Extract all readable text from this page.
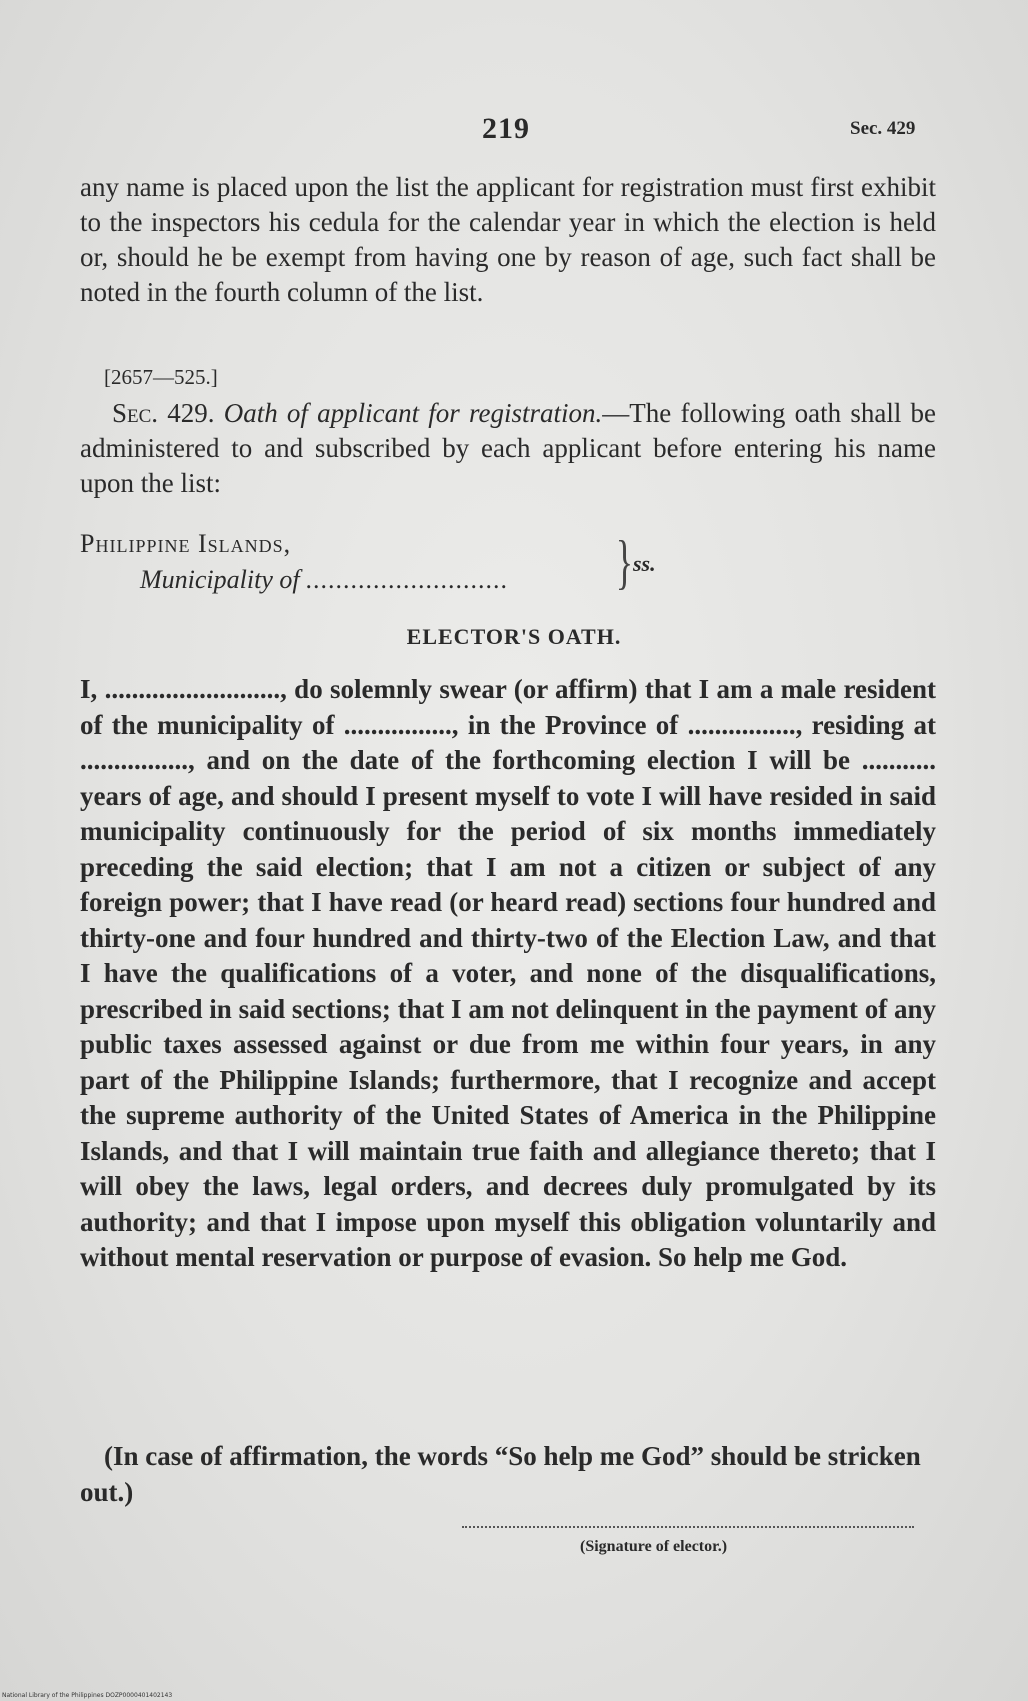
219	Sec. 429
any name is placed upon the list the applicant for registration must first exhibit to the inspectors his cedula for the calendar year in which the election is held or, should he be exempt from having one by reason of age, such fact shall be noted in the fourth column of the list.
[2657—525.]
Sec. 429. Oath of applicant for registration.—The following oath shall be administered to and subscribed by each applicant before entering his name upon the list:
Philippine Islands,
Municipality of ........................... } ss.
ELECTOR'S OATH.
I, .........................., do solemnly swear (or affirm) that I am a male resident of the municipality of ................, in the Province of ................, residing at ................, and on the date of the forthcoming election I will be ........... years of age, and should I present myself to vote I will have resided in said municipality continuously for the period of six months immediately preceding the said election; that I am not a citizen or subject of any foreign power; that I have read (or heard read) sections four hundred and thirty-one and four hundred and thirty-two of the Election Law, and that I have the qualifications of a voter, and none of the disqualifications, prescribed in said sections; that I am not delinquent in the payment of any public taxes assessed against or due from me within four years, in any part of the Philippine Islands; furthermore, that I recognize and accept the supreme authority of the United States of America in the Philippine Islands, and that I will maintain true faith and allegiance thereto; that I will obey the laws, legal orders, and decrees duly promulgated by its authority; and that I impose upon myself this obligation voluntarily and without mental reservation or purpose of evasion. So help me God.
(In case of affirmation, the words “So help me God” should be stricken out.)
(Signature of elector.)
National Library of the Philippines DOZP0000401402143
